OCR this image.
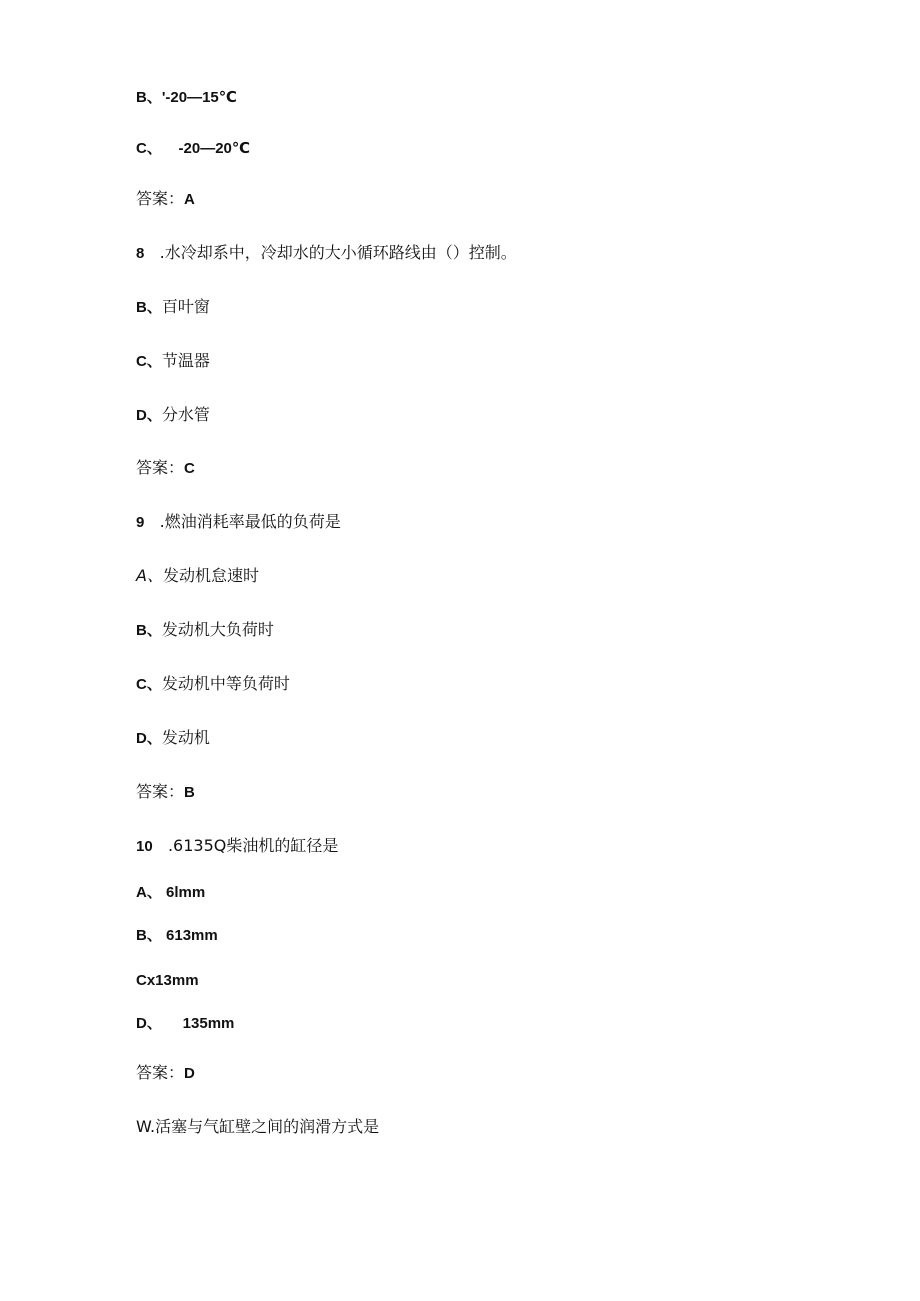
B、'-20—15℃
C、    -20—20℃
答案：A
8   .水冷却系中，冷却水的大小循环路线由（）控制。
B、百叶窗
C、节温器
D、分水管
答案：C
9   .燃油消耗率最低的负荷是
A、发动机怠速时
B、发动机大负荷时
C、发动机中等负荷时
D、发动机
答案：B
10   .6135Q柴油机的缸径是
A、 6lmm
B、 613mm
Cx13mm
D、     135mm
答案：D
W.活塞与气缸壁之间的润滑方式是
